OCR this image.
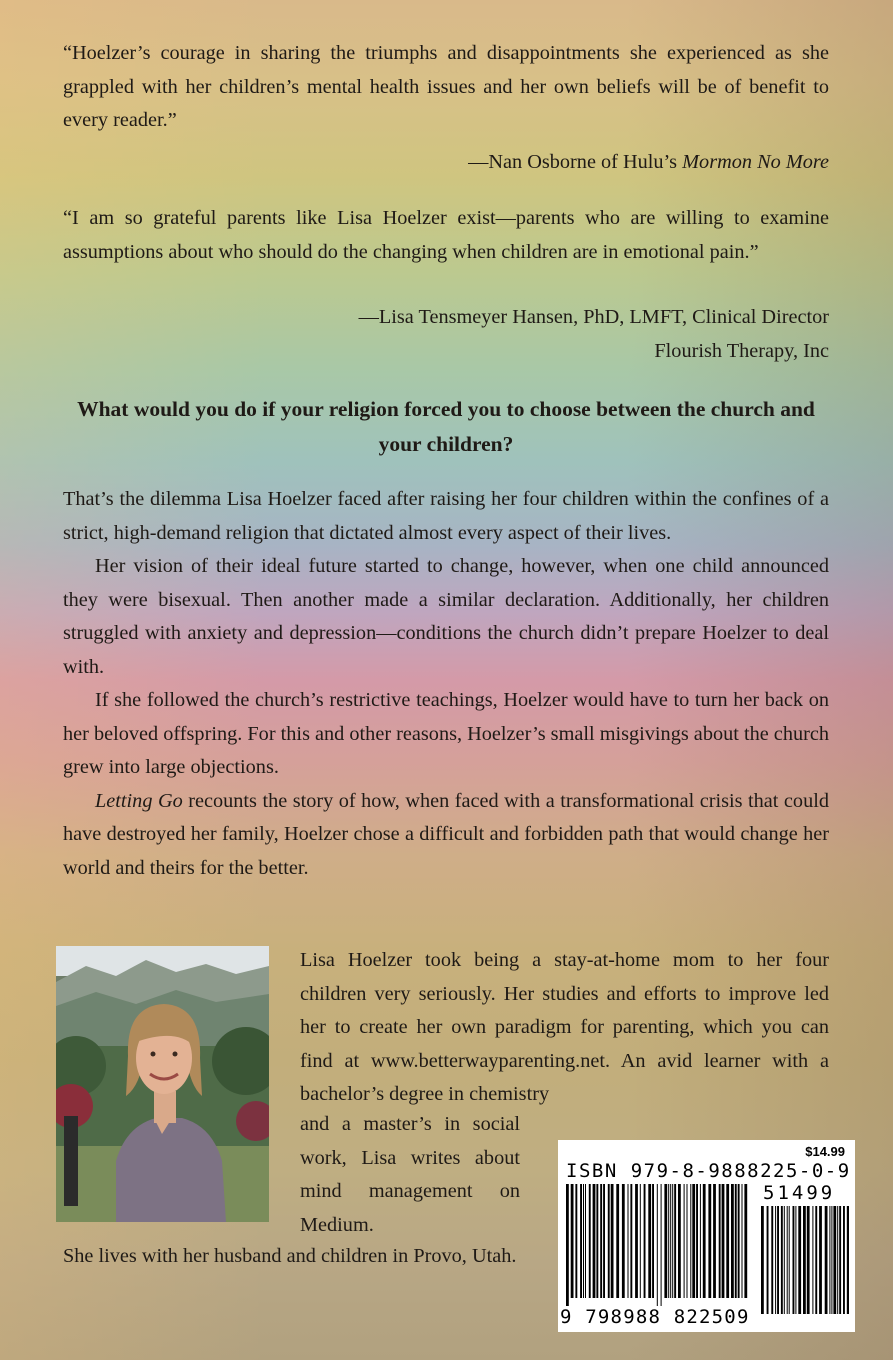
“Hoelzer’s courage in sharing the triumphs and disappointments she experienced as she grappled with her children’s mental health issues and her own beliefs will be of benefit to every reader.”

—Nan Osborne of Hulu’s Mormon No More

“I am so grateful parents like Lisa Hoelzer exist—parents who are willing to examine assumptions about who should do the changing when children are in emotional pain.”

—Lisa Tensmeyer Hansen, PhD, LMFT, Clinical Director
Flourish Therapy, Inc

What would you do if your religion forced you to choose between the church and your children?

That’s the dilemma Lisa Hoelzer faced after raising her four children within the confines of a strict, high-demand religion that dictated almost every aspect of their lives.

Her vision of their ideal future started to change, however, when one child announced they were bisexual. Then another made a similar declaration. Additionally, her children struggled with anxiety and depression—conditions the church didn’t prepare Hoelzer to deal with.

If she followed the church’s restrictive teachings, Hoelzer would have to turn her back on her beloved offspring. For this and other reasons, Hoelzer’s small misgivings about the church grew into large objections.

Letting Go recounts the story of how, when faced with a transformational crisis that could have destroyed her family, Hoelzer chose a difficult and forbidden path that would change her world and theirs for the better.

Lisa Hoelzer took being a stay-at-home mom to her four children very seriously. Her studies and efforts to improve led her to create her own paradigm for parenting, which you can find at www.betterwayparenting.net. An avid learner with a bachelor’s degree in chemistry

and a master’s in social work, Lisa writes about mind management on Medium.

She lives with her husband and children in Provo, Utah.

$14.99
ISBN 979-8-9888225-0-9
51499
9 798988 822509
